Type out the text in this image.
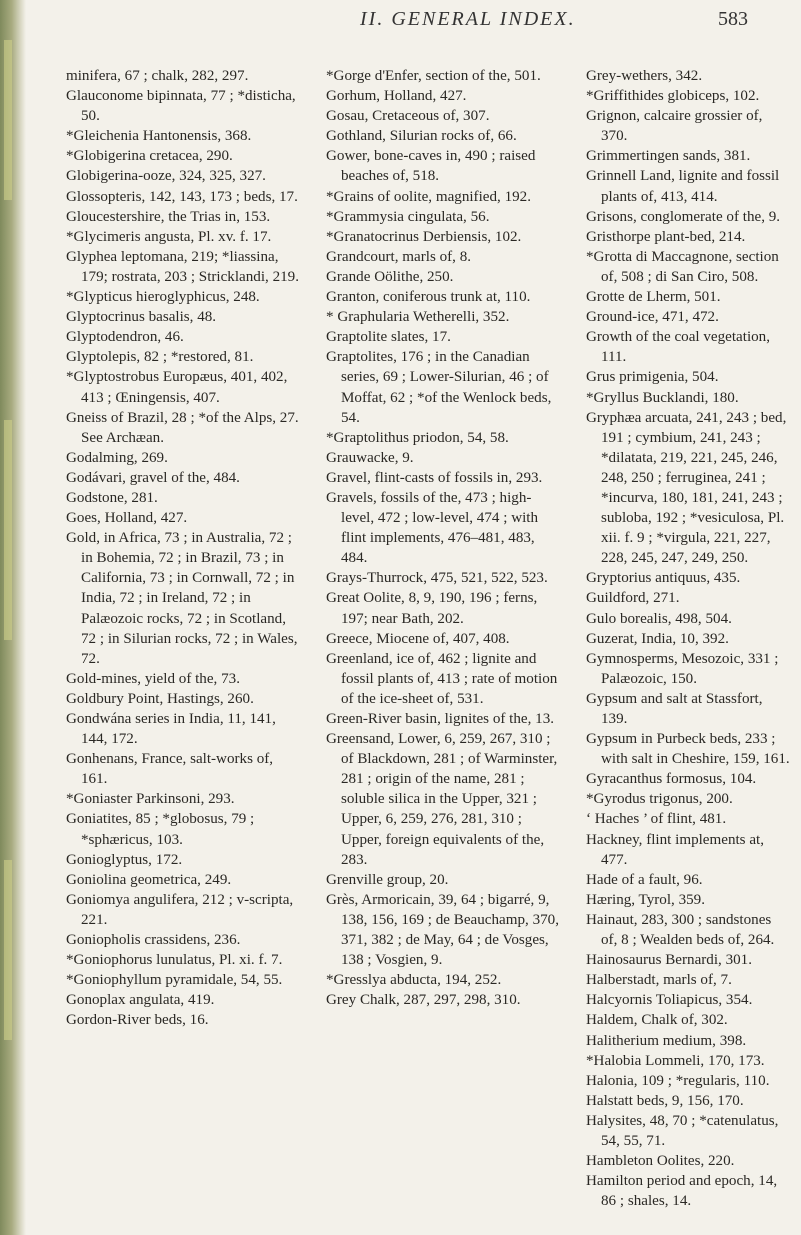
II. GENERAL INDEX.	583

minifera, 67 ; chalk, 282, 297.

Glauconome bipinnata, 77 ; *disticha, 50.

*Gleichenia Hantonensis, 368.

*Globigerina cretacea, 290.

Globigerina-ooze, 324, 325, 327.

Glossopteris, 142, 143, 173 ; beds, 17.

Gloucestershire, the Trias in, 153.

*Glycimeris angusta, Pl. xv. f. 17.

Glyphea leptomana, 219; *liassina, 179; rostrata, 203 ; Stricklandi, 219.

*Glypticus hieroglyphicus, 248.

Glyptocrinus basalis, 48.

Glyptodendron, 46.

Glyptolepis, 82 ; *restored, 81.

*Glyptostrobus Europæus, 401, 402, 413 ; Œningensis, 407.

Gneiss of Brazil, 28 ; *of the Alps, 27. See Archæan.

Godalming, 269.

Godávari, gravel of the, 484.

Godstone, 281.

Goes, Holland, 427.

Gold, in Africa, 73 ; in Australia, 72 ; in Bohemia, 72 ; in Brazil, 73 ; in California, 73 ; in Cornwall, 72 ; in India, 72 ; in Ireland, 72 ; in Palæozoic rocks, 72 ; in Scotland, 72 ; in Silurian rocks, 72 ; in Wales, 72.

Gold-mines, yield of the, 73.

Goldbury Point, Hastings, 260.

Gondwána series in India, 11, 141, 144, 172.

Gonhenans, France, salt-works of, 161.

*Goniaster Parkinsoni, 293.

Goniatites, 85 ; *globosus, 79 ; *sphæricus, 103.

Gonioglyptus, 172.

Goniolina geometrica, 249.

Goniomya angulifera, 212 ; v-scripta, 221.

Goniopholis crassidens, 236.

*Goniophorus lunulatus, Pl. xi. f. 7.

*Goniophyllum pyramidale, 54, 55.

Gonoplax angulata, 419.

Gordon-River beds, 16.

*Gorge d'Enfer, section of the, 501.

Gorhum, Holland, 427.

Gosau, Cretaceous of, 307.

Gothland, Silurian rocks of, 66.

Gower, bone-caves in, 490 ; raised beaches of, 518.

*Grains of oolite, magnified, 192.

*Grammysia cingulata, 56.

*Granatocrinus Derbiensis, 102.

Grandcourt, marls of, 8.

Grande Oölithe, 250.

Granton, coniferous trunk at, 110.

* Graphularia Wetherelli, 352.

Graptolite slates, 17.

Graptolites, 176 ; in the Canadian series, 69 ; Lower-Silurian, 46 ; of Moffat, 62 ; *of the Wenlock beds, 54.

*Graptolithus priodon, 54, 58.

Grauwacke, 9.

Gravel, flint-casts of fossils in, 293.

Gravels, fossils of the, 473 ; high-level, 472 ; low-level, 474 ; with flint implements, 476–481, 483, 484.

Grays-Thurrock, 475, 521, 522, 523.

Great Oolite, 8, 9, 190, 196 ; ferns, 197; near Bath, 202.

Greece, Miocene of, 407, 408.

Greenland, ice of, 462 ; lignite and fossil plants of, 413 ; rate of motion of the ice-sheet of, 531.

Green-River basin, lignites of the, 13.

Greensand, Lower, 6, 259, 267, 310 ; of Blackdown, 281 ; of Warminster, 281 ; origin of the name, 281 ; soluble silica in the Upper, 321 ; Upper, 6, 259, 276, 281, 310 ; Upper, foreign equivalents of the, 283.

Grenville group, 20.

Grès, Armoricain, 39, 64 ; bigarré, 9, 138, 156, 169 ; de Beauchamp, 370, 371, 382 ; de May, 64 ; de Vosges, 138 ; Vosgien, 9.

*Gresslya abducta, 194, 252.

Grey Chalk, 287, 297, 298, 310.

Grey-wethers, 342.

*Griffithides globiceps, 102.

Grignon, calcaire grossier of, 370.

Grimmertingen sands, 381.

Grinnell Land, lignite and fossil plants of, 413, 414.

Grisons, conglomerate of the, 9.

Gristhorpe plant-bed, 214.

*Grotta di Maccagnone, section of, 508 ; di San Ciro, 508.

Grotte de Lherm, 501.

Ground-ice, 471, 472.

Growth of the coal vegetation, 111.

Grus primigenia, 504.

*Gryllus Bucklandi, 180.

Gryphæa arcuata, 241, 243 ; bed, 191 ; cymbium, 241, 243 ; *dilatata, 219, 221, 245, 246, 248, 250 ; ferruginea, 241 ; *incurva, 180, 181, 241, 243 ; subloba, 192 ; *vesiculosa, Pl. xii. f. 9 ; *virgula, 221, 227, 228, 245, 247, 249, 250.

Gryptorius antiquus, 435.

Guildford, 271.

Gulo borealis, 498, 504.

Guzerat, India, 10, 392.

Gymnosperms, Mesozoic, 331 ; Palæozoic, 150.

Gypsum and salt at Stassfort, 139.

Gypsum in Purbeck beds, 233 ; with salt in Cheshire, 159, 161.

Gyracanthus formosus, 104.

*Gyrodus trigonus, 200.

‘ Haches ’ of flint, 481.

Hackney, flint implements at, 477.

Hade of a fault, 96.

Hæring, Tyrol, 359.

Hainaut, 283, 300 ; sandstones of, 8 ; Wealden beds of, 264.

Hainosaurus Bernardi, 301.

Halberstadt, marls of, 7.

Halcyornis Toliapicus, 354.

Haldem, Chalk of, 302.

Halitherium medium, 398.

*Halobia Lommeli, 170, 173.

Halonia, 109 ; *regularis, 110.

Halstatt beds, 9, 156, 170.

Halysites, 48, 70 ; *catenulatus, 54, 55, 71.

Hambleton Oolites, 220.

Hamilton period and epoch, 14, 86 ; shales, 14.
